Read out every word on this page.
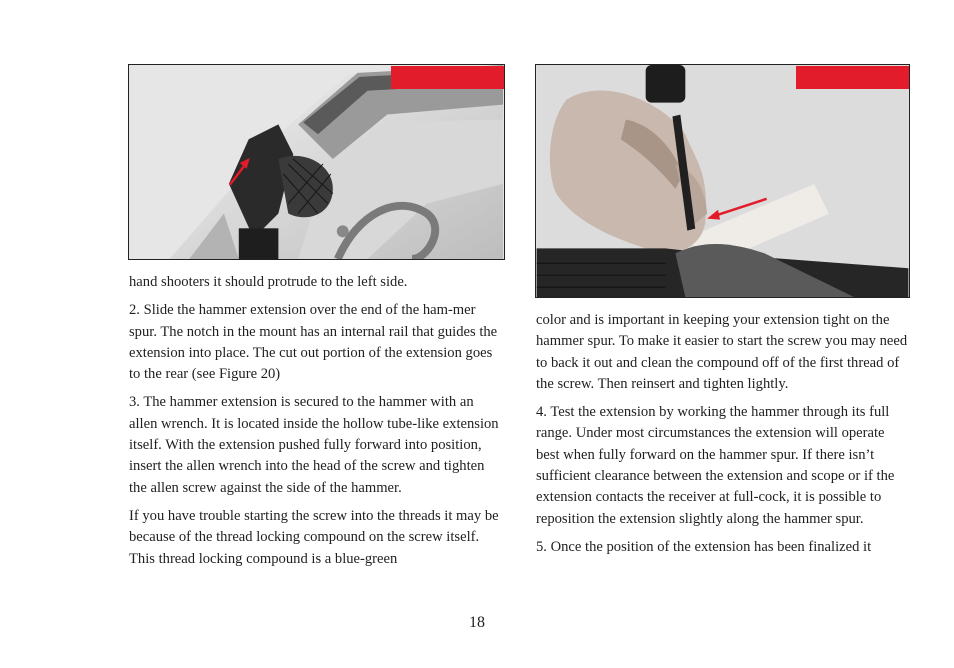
hand shooters it should protrude to the left side.

2. Slide the hammer extension over the end of the ham-mer spur. The notch in the mount has an internal rail that guides the extension into place. The cut out portion of the extension goes to the rear (see Figure 20)

3. The hammer extension is secured to the hammer with an allen wrench. It is located inside the hollow tube-like extension itself. With the extension pushed fully forward into position, insert the allen wrench into the head of the screw and tighten the allen screw against the side of the hammer.

If you have trouble starting the screw into the threads it may be because of the thread locking compound on the screw itself. This thread locking compound is a blue-green

color and is important in keeping your extension tight on the hammer spur. To make it easier to start the screw you may need to back it out and clean the compound off of the first thread of the screw. Then reinsert and tighten lightly.

4. Test the extension by working the hammer through its full range. Under most circumstances the extension will operate best when fully forward on the hammer spur. If there isn’t sufficient clearance between the extension and scope or if the extension contacts the receiver at full-cock, it is possible to reposition the extension slightly along the hammer spur.

5. Once the position of the extension has been finalized it

18
